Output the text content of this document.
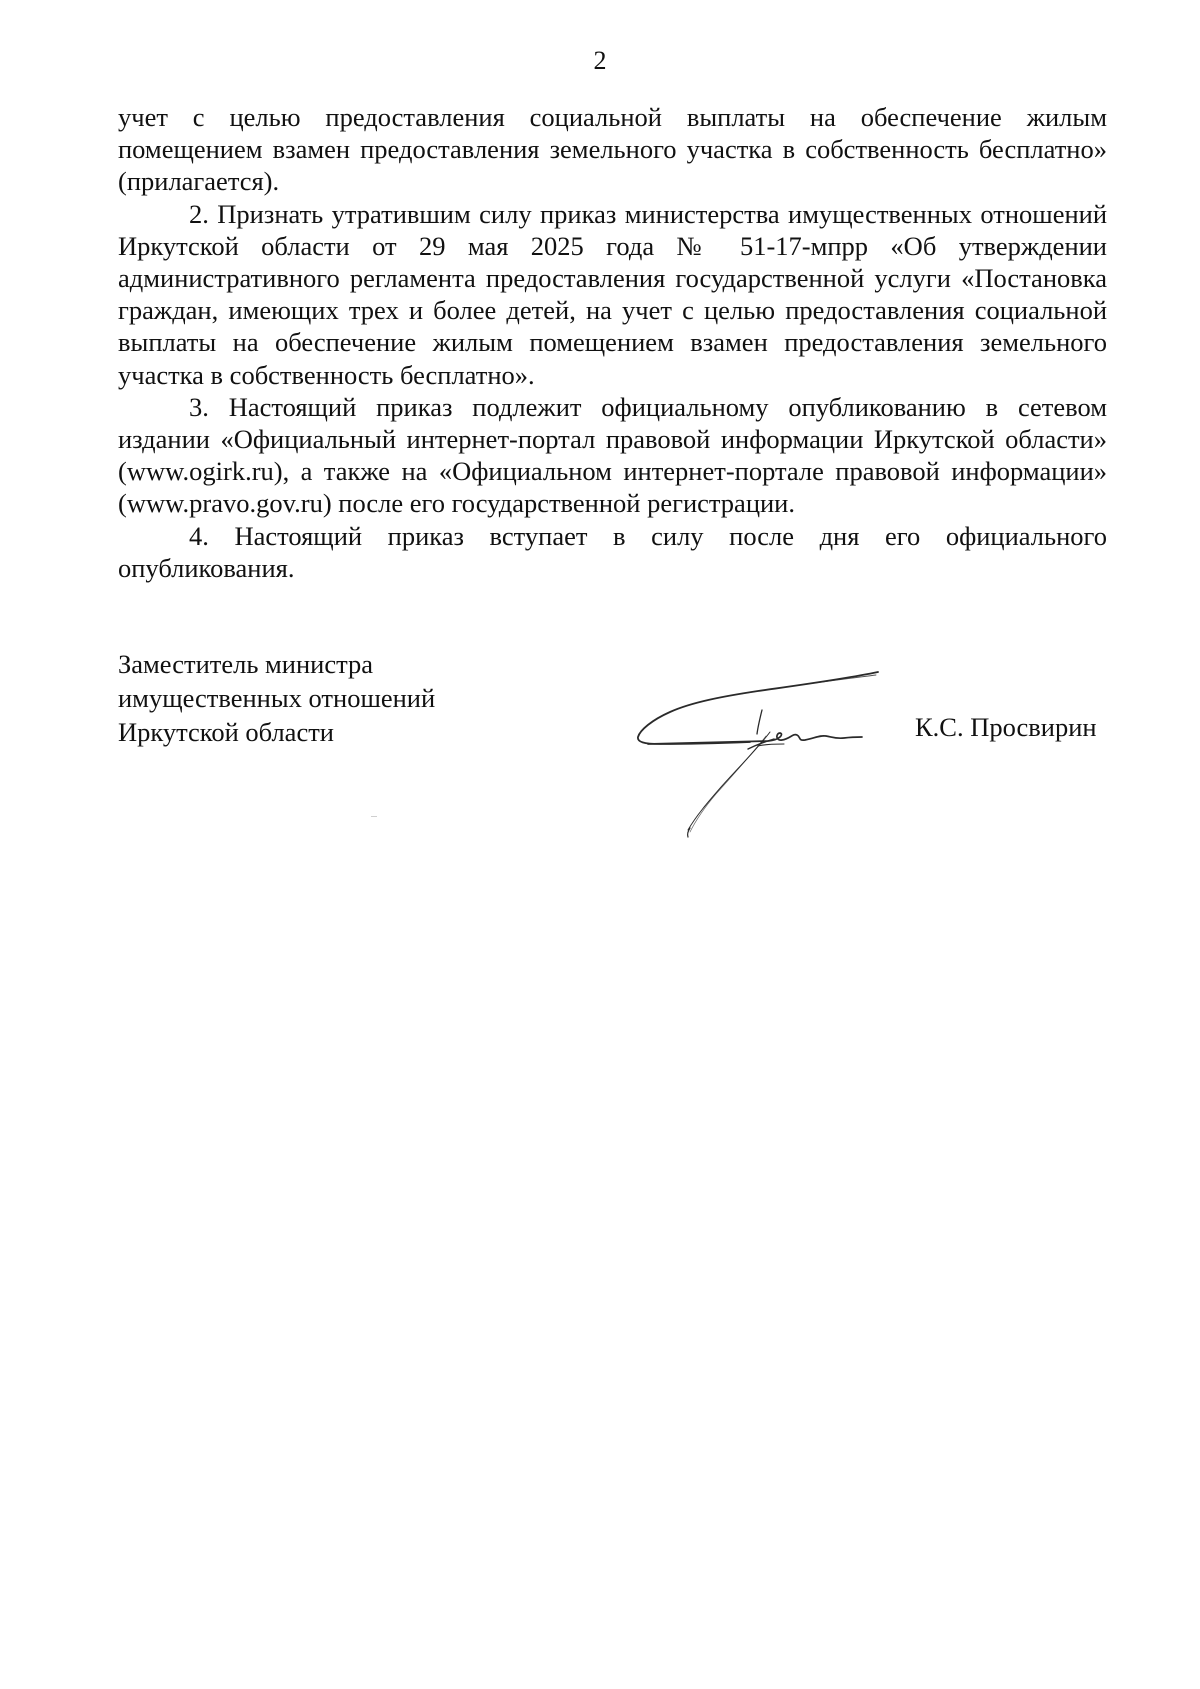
2

учет с целью предоставления социальной выплаты на обеспечение жилым помещением взамен предоставления земельного участка в собственность бесплатно» (прилагается).

2. Признать утратившим силу приказ министерства имущественных отношений Иркутской области от 29 мая 2025 года № 51-17-мпрр «Об утверждении административного регламента предоставления государственной услуги «Постановка граждан, имеющих трех и более детей, на учет с целью предоставления социальной выплаты на обеспечение жилым помещением взамен предоставления земельного участка в собственность бесплатно».

3. Настоящий приказ подлежит официальному опубликованию в сетевом издании «Официальный интернет-портал правовой информации Иркутской области» (www.ogirk.ru), а также на «Официальном интернет-портале правовой информации» (www.pravo.gov.ru) после его государственной регистрации.

4. Настоящий приказ вступает в силу после дня его официального опубликования.

Заместитель министра
имущественных отношений
Иркутской области	К.С. Просвирин
